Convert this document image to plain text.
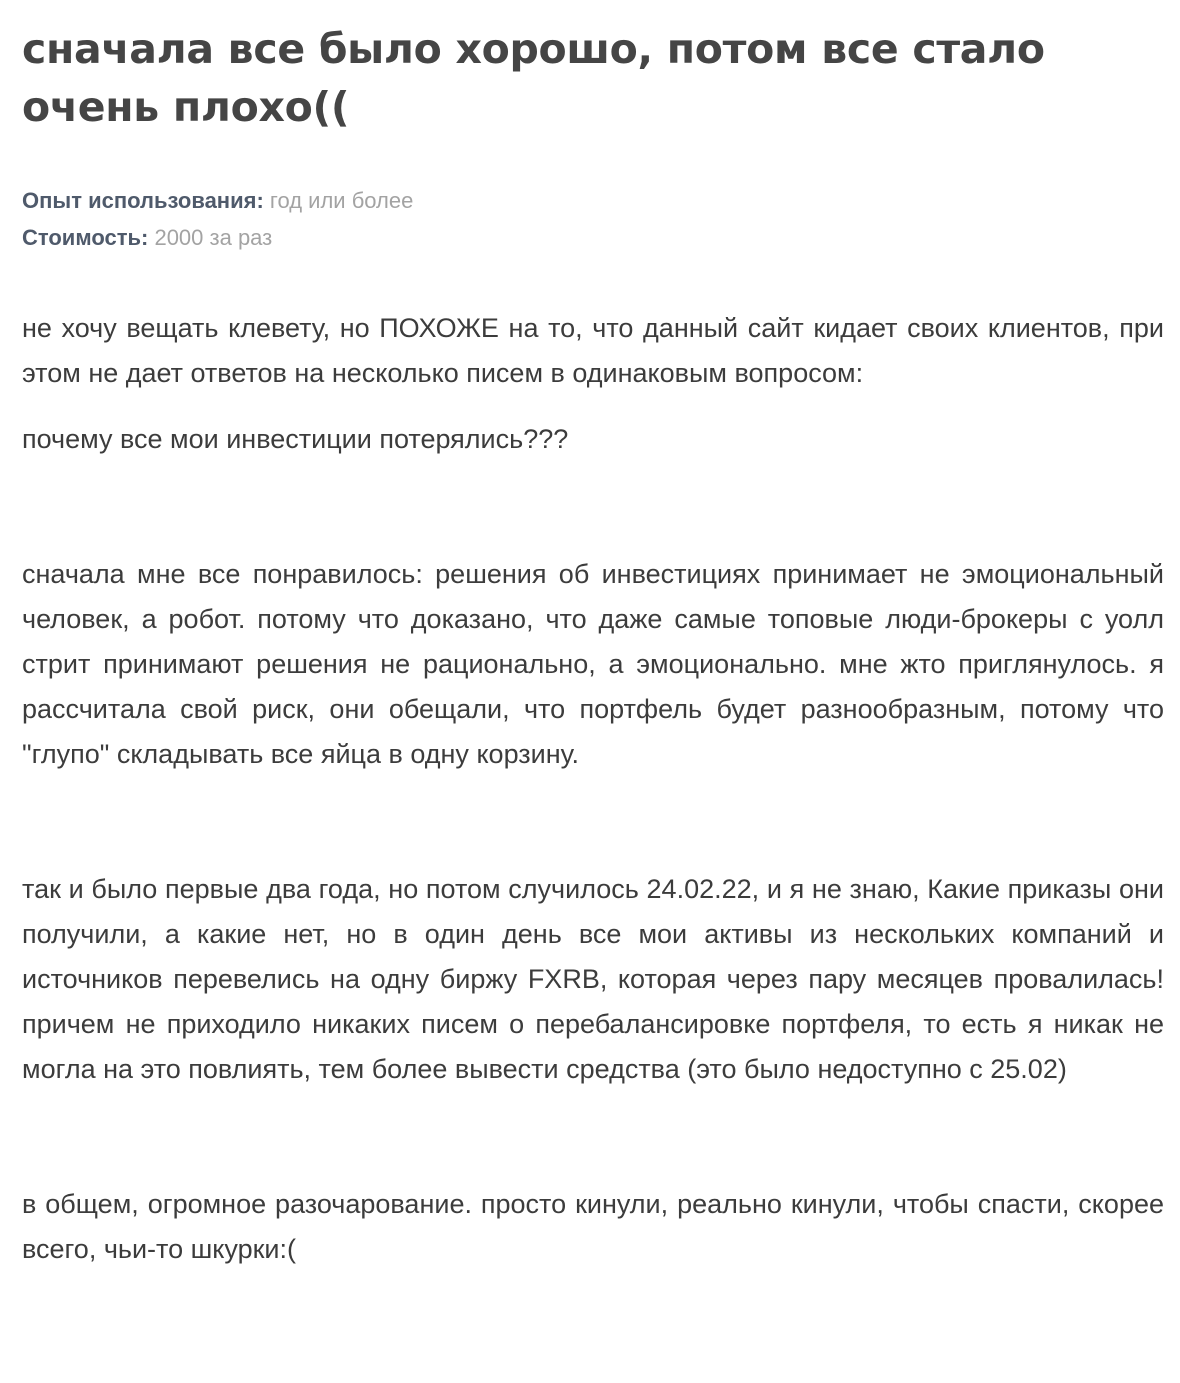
сначала все было хорошо, потом все стало очень плохо((
Опыт использования: год или более
Стоимость: 2000 за раз

не хочу вещать клевету, но ПОХОЖЕ на то, что данный сайт кидает своих клиентов, при этом не дает ответов на несколько писем в одинаковым вопросом:

почему все мои инвестиции потерялись???

сначала мне все понравилось: решения об инвестициях принимает не эмоциональный человек, а робот. потому что доказано, что даже самые топовые люди-брокеры с уолл стрит принимают решения не рационально, а эмоционально. мне жто приглянулось. я рассчитала свой риск, они обещали, что портфель будет разнообразным, потому что "глупо" складывать все яйца в одну корзину.

так и было первые два года, но потом случилось 24.02.22, и я не знаю, Какие приказы они получили, а какие нет, но в один день все мои активы из нескольких компаний и источников перевелись на одну биржу FXRB, которая через пару месяцев провалилась! причем не приходило никаких писем о перебалансировке портфеля, то есть я никак не могла на это повлиять, тем более вывести средства (это было недоступно с 25.02)

в общем, огромное разочарование. просто кинули, реально кинули, чтобы спасти, скорее всего, чьи-то шкурки:(
